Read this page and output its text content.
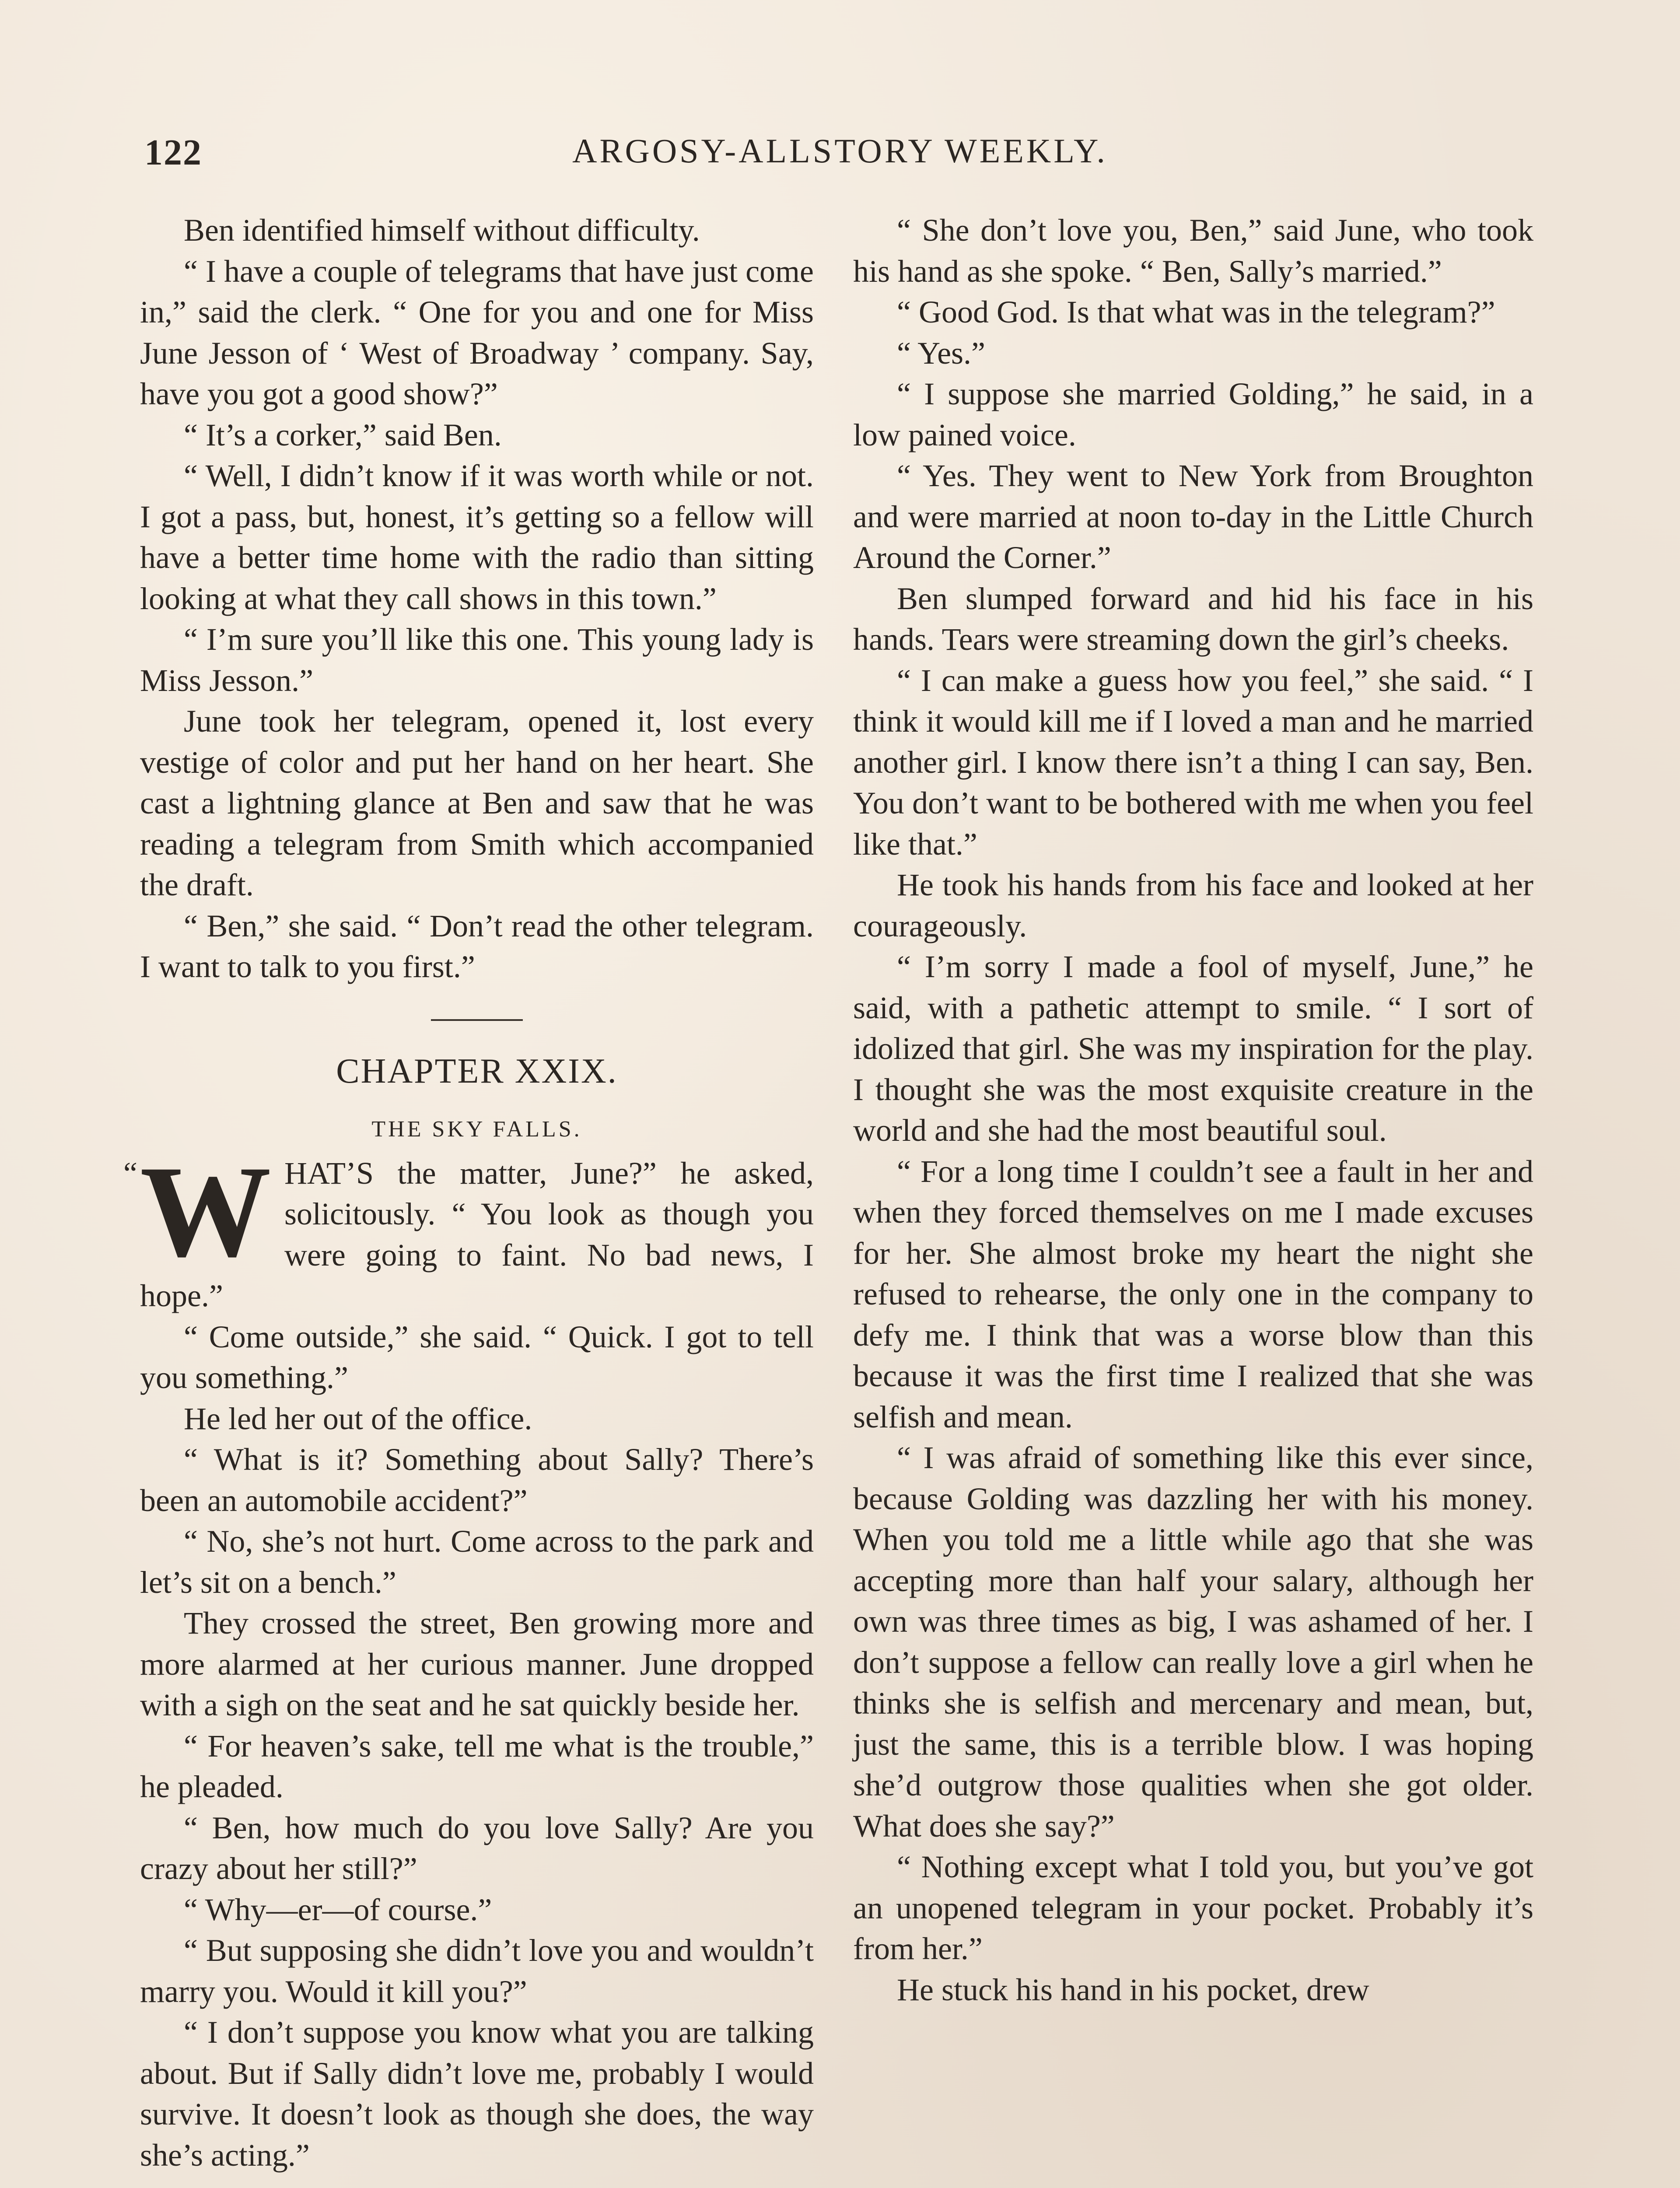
122	ARGOSY-ALLSTORY WEEKLY.

Ben identified himself without difficulty.

“ I have a couple of telegrams that have just come in,” said the clerk. “ One for you and one for Miss June Jesson of ‘ West of Broadway ’ company. Say, have you got a good show?”

“ It’s a corker,” said Ben.

“ Well, I didn’t know if it was worth while or not. I got a pass, but, honest, it’s getting so a fellow will have a better time home with the radio than sitting looking at what they call shows in this town.”

“ I’m sure you’ll like this one. This young lady is Miss Jesson.”

June took her telegram, opened it, lost every vestige of color and put her hand on her heart. She cast a lightning glance at Ben and saw that he was reading a telegram from Smith which accompanied the draft.

“ Ben,” she said. “ Don’t read the other telegram. I want to talk to you first.”

CHAPTER XXIX.
THE SKY FALLS.

“ W HAT’S the matter, June?” he asked, solicitously. “ You look as though you were going to faint. No bad news, I hope.”

“ Come outside,” she said. “ Quick. I got to tell you something.”

He led her out of the office.

“ What is it? Something about Sally? There’s been an automobile accident?”

“ No, she’s not hurt. Come across to the park and let’s sit on a bench.”

They crossed the street, Ben growing more and more alarmed at her curious manner. June dropped with a sigh on the seat and he sat quickly beside her.

“ For heaven’s sake, tell me what is the trouble,” he pleaded.

“ Ben, how much do you love Sally? Are you crazy about her still?”

“ Why—er—of course.”

“ But supposing she didn’t love you and wouldn’t marry you. Would it kill you?”

“ I don’t suppose you know what you are talking about. But if Sally didn’t love me, probably I would survive. It doesn’t look as though she does, the way she’s acting.”

“ She don’t love you, Ben,” said June, who took his hand as she spoke. “ Ben, Sally’s married.”

“ Good God. Is that what was in the telegram?”

“ Yes.”

“ I suppose she married Golding,” he said, in a low pained voice.

“ Yes. They went to New York from Broughton and were married at noon to-day in the Little Church Around the Corner.”

Ben slumped forward and hid his face in his hands. Tears were streaming down the girl’s cheeks.

“ I can make a guess how you feel,” she said. “ I think it would kill me if I loved a man and he married another girl. I know there isn’t a thing I can say, Ben. You don’t want to be bothered with me when you feel like that.”

He took his hands from his face and looked at her courageously.

“ I’m sorry I made a fool of myself, June,” he said, with a pathetic attempt to smile. “ I sort of idolized that girl. She was my inspiration for the play. I thought she was the most exquisite creature in the world and she had the most beautiful soul.

“ For a long time I couldn’t see a fault in her and when they forced themselves on me I made excuses for her. She almost broke my heart the night she refused to rehearse, the only one in the company to defy me. I think that was a worse blow than this because it was the first time I realized that she was selfish and mean.

“ I was afraid of something like this ever since, because Golding was dazzling her with his money. When you told me a little while ago that she was accepting more than half your salary, although her own was three times as big, I was ashamed of her. I don’t suppose a fellow can really love a girl when he thinks she is selfish and mercenary and mean, but, just the same, this is a terrible blow. I was hoping she’d outgrow those qualities when she got older. What does she say?”

“ Nothing except what I told you, but you’ve got an unopened telegram in your pocket. Probably it’s from her.”

He stuck his hand in his pocket, drew
